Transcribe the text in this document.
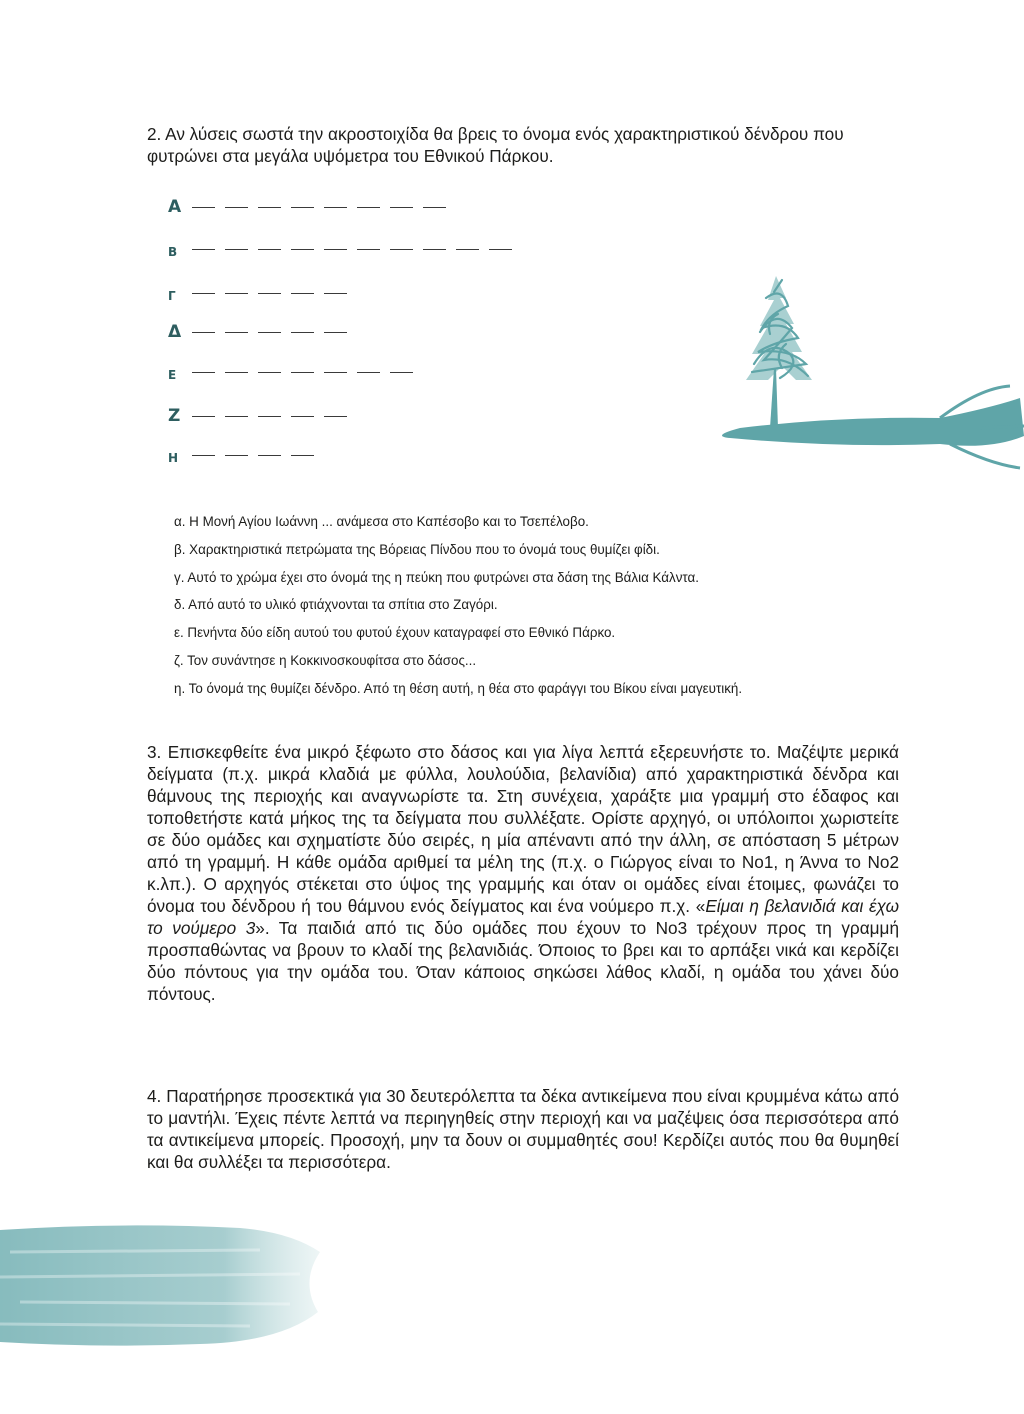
2. Αν λύσεις σωστά την ακροστοιχίδα θα βρεις το όνομα ενός χαρακτηριστικού δένδρου που φυτρώνει στα μεγάλα υψόμετρα του Εθνικού Πάρκου.

Α
Β
Γ
Δ
Ε
Ζ
Η
α. Η Μονή Αγίου Ιωάννη ... ανάμεσα στο Καπέσοβο και το Τσεπέλοβο.
β. Χαρακτηριστικά πετρώματα της Βόρειας Πίνδου που το όνομά τους θυμίζει φίδι.
γ. Αυτό το χρώμα έχει στο όνομά της η πεύκη που φυτρώνει στα δάση της Βάλια Κάλντα.
δ. Από αυτό το υλικό φτιάχνονται τα σπίτια στο Ζαγόρι.
ε. Πενήντα δύο είδη αυτού του φυτού έχουν καταγραφεί στο Εθνικό Πάρκο.
ζ. Τον συνάντησε η Κοκκινοσκουφίτσα στο δάσος...
η. Το όνομά της θυμίζει δένδρο. Από τη θέση αυτή, η θέα στο φαράγγι του Βίκου είναι μαγευτική.

3. Επισκεφθείτε ένα μικρό ξέφωτο στο δάσος και για λίγα λεπτά εξερευνήστε το. Μαζέψτε μερικά δείγματα (π.χ. μικρά κλαδιά με φύλλα, λουλούδια, βελανίδια) από χαρακτηριστικά δένδρα και θάμνους της περιοχής και αναγνωρίστε τα. Στη συνέχεια, χαράξτε μια γραμμή στο έδαφος και τοποθετήστε κατά μήκος της τα δείγματα που συλλέξατε. Ορίστε αρχηγό, οι υπόλοιποι χωριστείτε σε δύο ομάδες και σχηματίστε δύο σειρές, η μία απέναντι από την άλλη, σε απόσταση 5 μέτρων από τη γραμμή. Η κάθε ομάδα αριθμεί τα μέλη της (π.χ. ο Γιώργος είναι το Νο1, η Άννα το Νο2 κ.λπ.). Ο αρχηγός στέκεται στο ύψος της γραμμής και όταν οι ομάδες είναι έτοιμες, φωνάζει το όνομα του δένδρου ή του θάμνου ενός δείγματος και ένα νούμερο π.χ. «Είμαι η βελανιδιά και έχω το νούμερο 3». Τα παιδιά από τις δύο ομάδες που έχουν το Νο3 τρέχουν προς τη γραμμή προσπαθώντας να βρουν το κλαδί της βελανιδιάς. Όποιος το βρει και το αρπάξει νικά και κερδίζει δύο πόντους για την ομάδα του. Όταν κάποιος σηκώσει λάθος κλαδί, η ομάδα του χάνει δύο πόντους.

4. Παρατήρησε προσεκτικά για 30 δευτερόλεπτα τα δέκα αντικείμενα που είναι κρυμμένα κάτω από το μαντήλι. Έχεις πέντε λεπτά να περιηγηθείς στην περιοχή και να μαζέψεις όσα περισσότερα από τα αντικείμενα μπορείς. Προσοχή, μην τα δουν οι συμμαθητές σου! Κερδίζει αυτός που θα θυμηθεί και θα συλλέξει τα περισσότερα.
